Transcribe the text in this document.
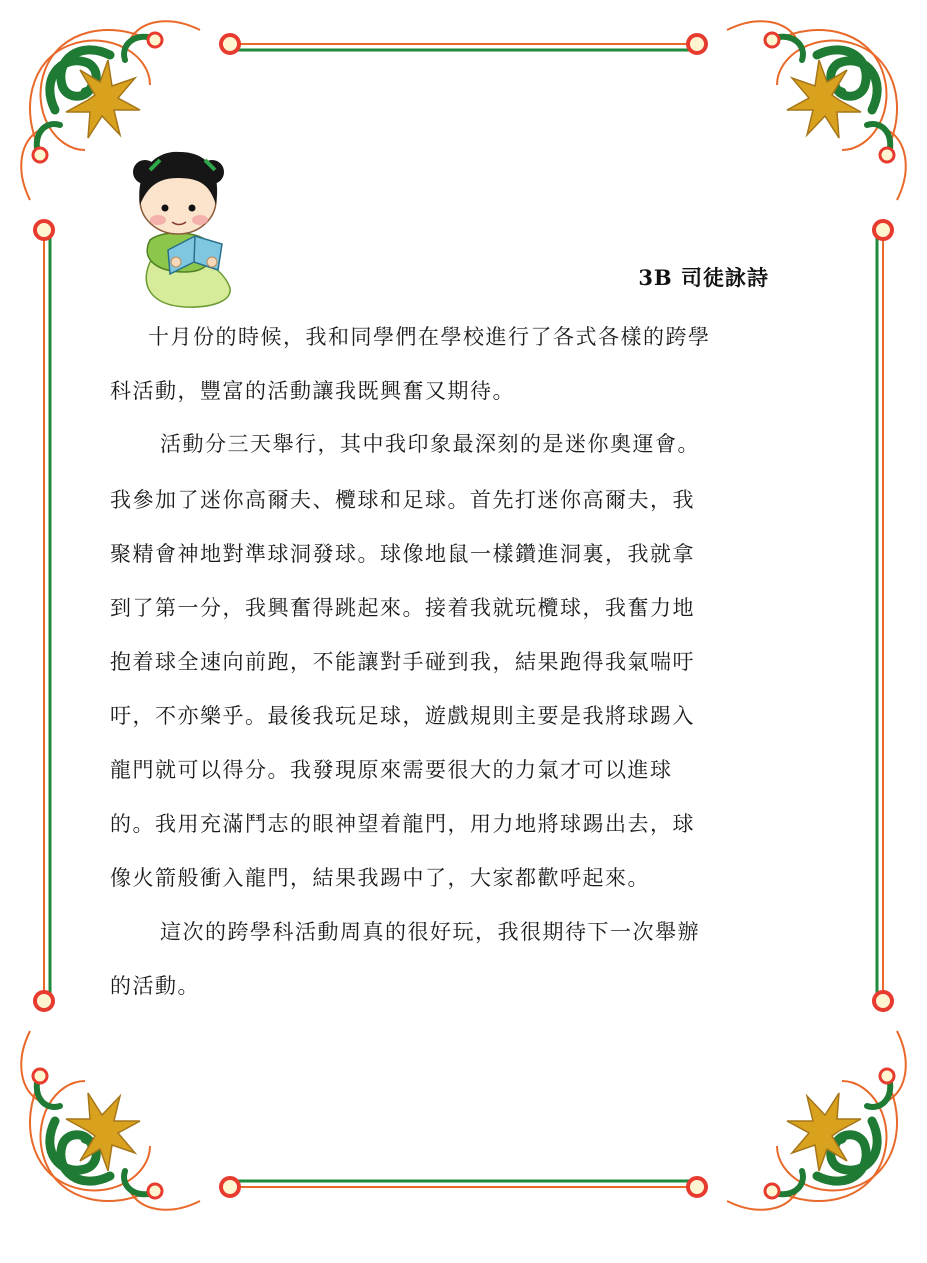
3B 司徒詠詩
十月份的時候，我和同學們在學校進行了各式各樣的跨學
科活動，豐富的活動讓我既興奮又期待。
活動分三天舉行，其中我印象最深刻的是迷你奧運會。
我參加了迷你高爾夫、欖球和足球。首先打迷你高爾夫，我
聚精會神地對準球洞發球。球像地鼠一樣鑽進洞裏，我就拿
到了第一分，我興奮得跳起來。接着我就玩欖球，我奮力地
抱着球全速向前跑，不能讓對手碰到我，結果跑得我氣喘吁
吁，不亦樂乎。最後我玩足球，遊戲規則主要是我將球踢入
龍門就可以得分。我發現原來需要很大的力氣才可以進球
的。我用充滿鬥志的眼神望着龍門，用力地將球踢出去，球
像火箭般衝入龍門，結果我踢中了，大家都歡呼起來。
這次的跨學科活動周真的很好玩，我很期待下一次舉辦
的活動。
